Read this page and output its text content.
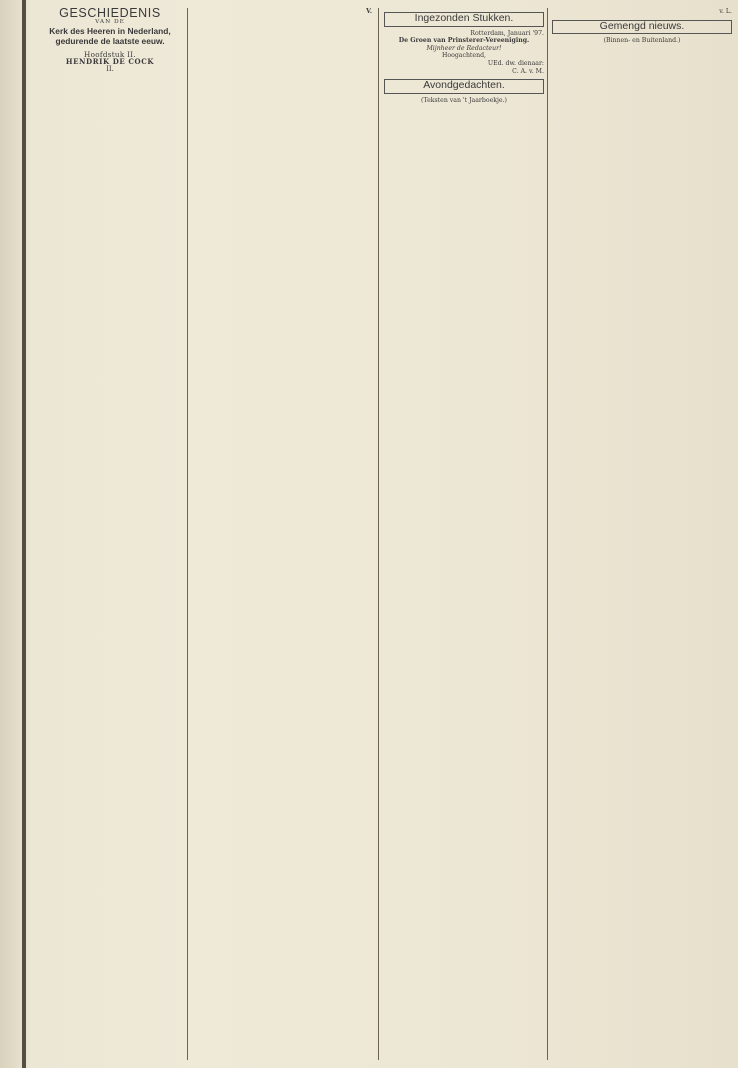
GESCHIEDENIS
VAN DE
Kerk des Heeren in Nederland, gedurende de laatste eeuw.
Hoofdstuk II.
HENDRIK DE COCK
II.
V.
Ingezonden Stukken.
Rotterdam, Januari '97.
De Groen van Prinsterer-Vereeniging.
Mijnheer de Redacteur!
Hoogachtend,
UEd. dw. dienaar:
C. A. v. M.
Avondgedachten.
(Teksten van 't Jaarboekje.)
v. L.
Gemengd nieuws.
(Binnen- en Buitenland.)
